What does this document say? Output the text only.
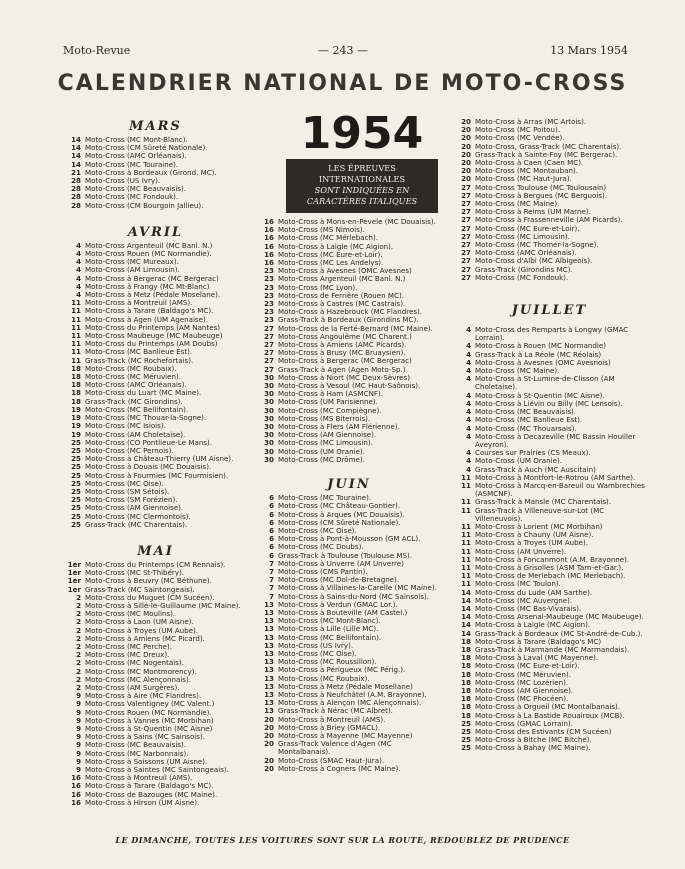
Moto-Revue	— 243 —	13 Mars 1954
CALENDRIER NATIONAL DE MOTO-CROSS
1954
LES ÉPREUVES
INTERNATIONALES
SONT INDIQUÉES EN
CARACTÈRES ITALIQUES
MARS
14 Moto-Cross (MC Mont-Blanc).
14 Moto-Cross (CM Sûreté Nationale).
14 Moto-Cross (AMC Orléanais).
14 Moto-Cross (MC Touraine).
21 Moto-Cross à Bordeaux (Girond. MC).
28 Moto-Cross (US Ivry).
28 Moto-Cross (MC Beauvaisis).
28 Moto-Cross (MC Fondouk).
28 Moto-Cross (CM Bourgoin Jallieu).
AVRIL
4 Moto-Cross Argenteuil (MC Banl. N.)
4 Moto-Cross Rouen (MC Normandie).
4 Moto-Cross (MC Mureaux).
4 Moto-Cross (AM Limousin).
4 Moto-Cross à Bergerac (MC Bergerac)
4 Moto-Cross à Frangy (MC Mt-Blanc)
4 Moto-Cross à Metz (Pédale Moselane).
11 Moto-Cross à Montreuil (AMS).
11 Moto-Cross à Tarare (Baldago's MC).
11 Moto-Cross à Agen (UM Agenaise).
11 Moto-Cross du Printemps (AM Nantes)
11 Moto-Cross Maubeuge (MC Maubeuge)
11 Moto-Cross du Printemps (AM Doubs)
11 Moto-Cross (MC Banlieue Est).
11 Grass-Track (MC Rochefortais).
18 Moto-Cross (MC Roubaix).
18 Moto-Cross (MC Méruvien).
18 Moto-Cross (AMC Orléanais).
18 Moto-Cross du Luart (MC Maine).
18 Grass-Track (MC Girondins).
19 Moto-Cross (MC Bellifontain).
19 Moto-Cross (MC Thouar-la-Sogne).
19 Moto-Cross (MC Isiois).
19 Moto-Cross (AM Choletaise).
25 Moto-Cross (CO Pontlieue-Le Mans).
25 Moto-Cross (MC Pernois).
25 Moto-Cross à Château-Thierry (UM Aisne).
25 Moto-Cross à Douais (MC Douaisis).
25 Moto-Cross à Fourmies (MC Fourmisien).
25 Moto-Cross (MC Oise).
25 Moto-Cross (SM Sétois).
25 Moto-Cross (SM Forézien).
25 Moto-Cross (AM Giennoise).
25 Moto-Cross (MC Clermontois).
25 Grass-Track (MC Charentais).
MAI
1er Moto-Cross du Printemps (CM Rennais).
1er Moto-Cross (MC St-Thibéry).
1er Moto-Cross à Beuvry (MC Béthune).
1er Grass-Track (MC Saintongeais).
2 Moto-Cross du Muguet (CM Sucéen).
2 Moto-Cross à Sillé-le-Guillaume (MC Maine).
2 Moto-Cross (MC Moulins).
2 Moto-Cross à Laon (UM Aisne).
2 Moto-Cross à Troyes (UM Aube).
2 Moto-Cross à Amiens (MC Picard).
2 Moto-Cross (MC Perche).
2 Moto-Cross (MC Dreux).
2 Moto-Cross (MC Nogentais).
2 Moto-Cross (MC Montmorency).
2 Moto-Cross (MC Alençonnais).
2 Moto-Cross (AM Surgères).
9 Moto-Cross à Aire (MC Flandres).
9 Moto-Cross Valentigney (MC Valent.)
9 Moto-Cross Rouen (MC Normandie).
9 Moto-Cross à Vannes (MC Morbihan)
9 Moto-Cross à St-Quentin (MC Aisne)
9 Moto-Cross à Sains (MC Sainsois).
9 Moto-Cross (MC Beauvaisis).
9 Moto-Cross (MC Narbonnais).
9 Moto-Cross à Soissons (UM Aisne).
9 Moto-Cross à Saintes (MC Saintongeais).
16 Moto-Cross à Montreuil (AMS).
16 Moto-Cross à Tarare (Baldago's MC).
16 Moto-Cross de Bazouges (MC Maine).
16 Moto-Cross à Hirson (UM Aisne).
16 Moto-Cross à Mons-en-Pevele (MC Douaisis).
16 Moto-Cross (MS Nimois).
16 Moto-Cross (MC Mérlebach).
16 Moto-Cross à Laigle (MC Aigion).
16 Moto-Cross (MC Eure-et-Loir).
16 Moto-Cross (MC Les Andelys).
23 Moto-Cross à Avesnes (OMC Avesnes)
23 Moto-Cross Argenteuil (MC Banl. N.)
23 Moto-Cross (MC Lyon).
23 Moto-Cross de Ferrière (Rouen MC).
23 Moto-Cross à Castres (MC Castrais).
23 Moto-Cross à Hazebrouck (MC Flandres).
23 Grass-Track à Bordeaux (Girondins MC).
27 Moto-Cross de la Ferté-Bernard (MC Maine).
27 Moto-Cross Angoulême (MC Charent.)
27 Moto-Cross à Amiens (AMC Picards).
27 Moto-Cross à Brusy (MC Bruaysien).
27 Moto-Cross à Bergerac (MC Bergerac)
27 Grass-Track à Agen (Agen Moto-Sp.)
30 Moto-Cross à Niort (MC Deux-Sèvres)
30 Moto-Cross à Vesoul (MC Haut-Saônois).
30 Moto-Cross à Ham (ASMCNF).
30 Moto-Cross (UM Parisienne).
30 Moto-Cross (MC Compiègne).
30 Moto-Cross (MS Biterrois).
30 Moto-Cross à Flers (AM Flérienne).
30 Moto-Cross (AM Giennoise).
30 Moto-Cross (MC Limousin).
30 Moto-Cross (UM Oranie).
30 Moto-Cross (MC Drôme).
JUIN
6 Moto-Cross (MC Touraine).
6 Moto-Cross (MC Château-Gontier).
6 Moto-Cross à Arques (MC Douaisis).
6 Moto-Cross (CM Sûreté Nationale).
6 Moto-Cross (MC Oise).
6 Moto-Cross à Pont-à-Mousson (GM ACL).
6 Moto-Cross (MC Doubs).
6 Grass-Track à Toulouse (Toulouse MS).
7 Moto-Cross à Unverre (AM Unverre)
7 Moto-Cross (CMS Pantin).
7 Moto-Cross (MC Dol-de-Bretagne).
7 Moto-Cross à Villaines-la-Carelle (MC Maine).
7 Moto-Cross à Sains-du-Nord (MC Sainsois).
13 Moto-Cross à Verdun (GMAC Lor.).
13 Moto-Cross à Bouteville (AM Castel.)
13 Moto-Cross (MC Mont-Blanc).
13 Moto-Cross à Lille (Lille MC).
13 Moto-Cross (MC Bellifontain).
13 Moto-Cross (US Ivry).
13 Moto-Cross (MC Oise).
13 Moto-Cross (MC Roussillon).
13 Moto-Cross à Périgueux (MC Périg.).
13 Moto-Cross (MC Roubaix).
13 Moto-Cross à Metz (Pédale Mosellane)
13 Moto-Cross à Neufchâtel (A.M. Brayonne).
13 Moto-Cross à Alençon (MC Alençonnais).
13 Grass-Track à Nérac (MC Albret).
20 Moto-Cross à Montreuil (AMS).
20 Moto-Cross à Briey (GMACL).
20 Moto-Cross à Mayenne (MC Mayenne)
20 Grass-Track Valence d'Agen (MC Montalbanais).
20 Moto-Cross (SMAC Haut-Jura).
20 Moto-Cross à Cogners (MC Maine).
20 Moto-Cross à Arras (MC Artois).
20 Moto-Cross (MC Poitou).
20 Moto-Cross (MC Vendée).
20 Moto-Cross, Grass-Track (MC Charentais).
20 Grass-Track à Sainte-Foy (MC Bergerac).
20 Moto-Cross à Caen (Caen MC).
20 Moto-Cross (MC Montauban).
20 Moto-Cross (MC Haut-Jura).
27 Moto-Cross Toulouse (MC Toulousain)
27 Moto-Cross à Bergues (MC Berguois).
27 Moto-Cross (MC Maine).
27 Moto-Cross à Reims (UM Marne).
27 Moto-Cross à Frassenneville (AM Picards).
27 Moto-Cross (MC Eure-et-Loir).
27 Moto-Cross (MC Limousin).
27 Moto-Cross (MC Thomer-la-Sogne).
27 Moto-Cross (AMC Orléanais).
27 Moto-Cross d'Albi (MC Albigeois).
27 Grass-Track (Girondins MC).
27 Moto-Cross (MC Fondouk).
JUILLET
4 Moto-Cross des Remparts à Longwy (GMAC Lorrain).
4 Moto-Cross à Rouen (MC Normandie)
4 Grass-Track à La Réole (MC Réolais)
4 Moto-Cross à Avesnes (OMC Avesnois)
4 Moto-Cross (MC Maine).
4 Moto-Cross à St-Lumine-de-Clisson (AM Choletaise).
4 Moto-Cross à St-Quentin (MC Aisne).
4 Moto-Cross à Liévin ou Billy (MC Lensois).
4 Moto-Cross (MC Beauvaisis).
4 Moto-Cross (MC Banlieue Est).
4 Moto-Cross (MC Thouarsais).
4 Moto-Cross à Decazeville (MC Bassin Houiller Aveyron).
4 Courses sur Prairies (CS Meaux).
4 Moto-Cross (UM Oranie).
4 Grass-Track à Auch (MC Auscitain)
11 Moto-Cross à Montfort-le-Rotrou (AM Sarthe).
11 Moto-Cross à Marcq-en-Bareuil ou Wambrechies (ASMCNF).
11 Grass-Track à Mansle (MC Charentais).
11 Grass-Track à Villeneuve-sur-Lot (MC Villeneuvois).
11 Moto-Cross à Lorient (MC Morbihan)
11 Moto-Cross à Chauny (UM Aisne).
11 Moto-Cross à Troyes (UM Aube).
11 Moto-Cross (AM Unverre).
11 Moto-Cross à Foncanmont (A.M. Brayonne).
11 Moto-Cross à Grisolles (ASM Tarn-et-Gar.).
11 Moto-Cross de Merlebach (MC Merlebach).
11 Moto-Cross (MC Toulon).
14 Moto-Cross du Lude (AM Sarthe).
14 Moto-Cross (MC Auvergne).
14 Moto-Cross (MC Bas-Vivarais).
14 Moto-Cross Arsenal-Maubeuge (MC Maubeuge).
14 Moto-Cross à Laigle (MC Aigion).
14 Grass-Track à Bordeaux (MC St-André-de-Cub.).
18 Moto-Cross à Tarare (Baldago's MC)
18 Grass-Track à Marmande (MC Marmandais).
18 Moto-Cross à Laval (MC Mayenne).
18 Moto-Cross (MC Eure-et-Loir).
18 Moto-Cross (MC Méruvien).
18 Moto-Cross (MC Lozérien).
18 Moto-Cross (AM Giennoise).
18 Moto-Cross (MC Phocéen).
18 Moto-Cross à Orgueil (MC Montalbanais).
18 Moto-Cross à La Bastide Rouairoux (MCB).
25 Moto-Cross (GMAC Lorrain).
25 Moto-Cross des Estivants (CM Sucéen)
25 Moto-Cross à Bitche (MC Bitche).
25 Moto-Cross à Bahay (MC Maine).
LE DIMANCHE, TOUTES LES VOITURES SONT SUR LA ROUTE, REDOUBLEZ DE PRUDENCE
